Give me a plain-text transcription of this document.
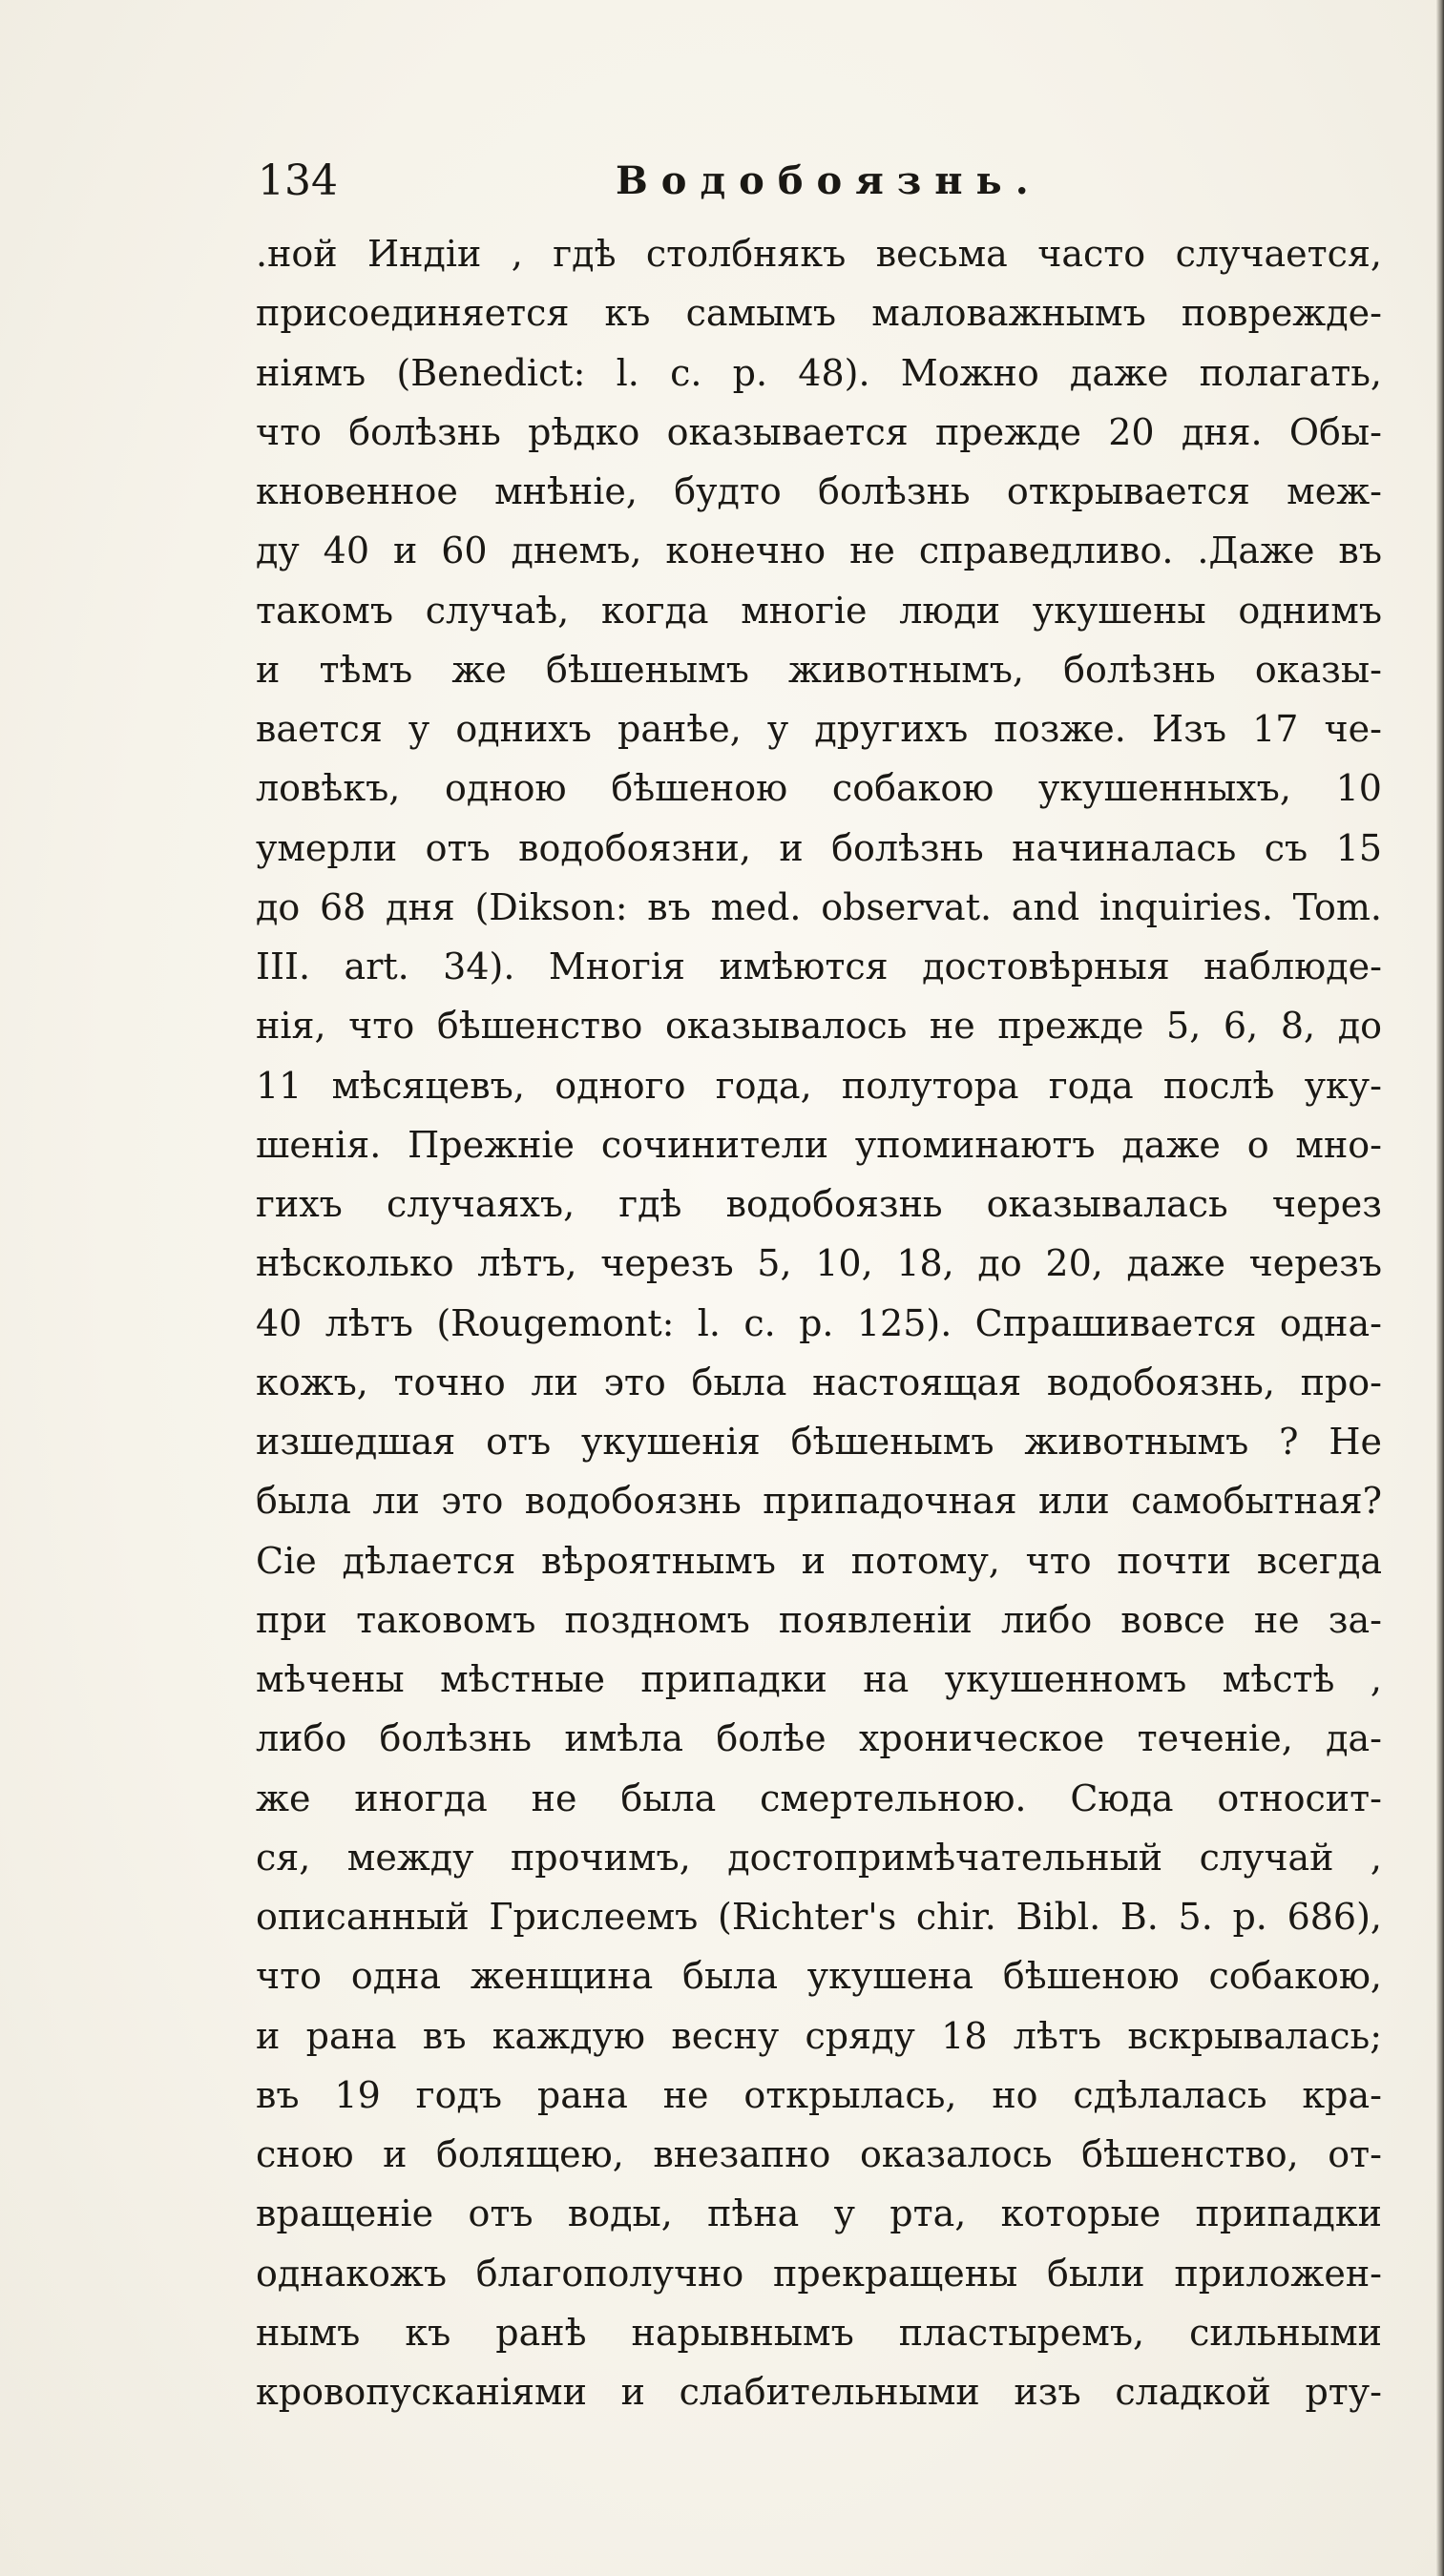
134	Водобоязнь.
.ной Индіи , гдѣ столбнякъ весьма часто случается,
присоединяется къ самымъ маловажнымъ поврежде-
ніямъ (Benedict: l. c. p. 48). Можно даже полагать,
что болѣзнь рѣдко оказывается прежде 20 дня. Обы-
кновенное мнѣніе, будто болѣзнь открывается меж-
ду 40 и 60 днемъ, конечно не справедливо. .Даже въ
такомъ случаѣ, когда многіе люди укушены однимъ
и тѣмъ же бѣшенымъ животнымъ, болѣзнь оказы-
вается у однихъ ранѣе, у другихъ позже. Изъ 17 че-
ловѣкъ, одною бѣшеною собакою укушенныхъ, 10
умерли отъ водобоязни, и болѣзнь начиналась съ 15
до 68 дня (Dikson: въ med. observat. and inquiries. Tom.
III. art. 34). Многія имѣются достовѣрныя наблюде-
нія, что бѣшенство оказывалось не прежде 5, 6, 8, до
11 мѣсяцевъ, одного года, полутора года послѣ уку-
шенія. Прежніе сочинители упоминаютъ даже о мно-
гихъ случаяхъ, гдѣ водобоязнь оказывалась через
нѣсколько лѣтъ, черезъ 5, 10, 18, до 20, даже черезъ
40 лѣтъ (Rougemont: l. c. p. 125). Спрашивается одна-
кожъ, точно ли это была настоящая водобоязнь, про-
изшедшая отъ укушенія бѣшенымъ животнымъ ? Не
была ли это водобоязнь припадочная или самобытная?
Сіе дѣлается вѣроятнымъ и потому, что почти всегда
при таковомъ поздномъ появленіи либо вовсе не за-
мѣчены мѣстные припадки на укушенномъ мѣстѣ ,
либо болѣзнь имѣла болѣе хроническое теченіе, да-
же иногда не была смертельною. Сюда относит-
ся, между прочимъ, достопримѣчательный случай ,
описанный Грислеемъ (Richter's chir. Bibl. B. 5. p. 686),
что одна женщина была укушена бѣшеною собакою,
и рана въ каждую весну сряду 18 лѣтъ вскрывалась;
въ 19 годъ рана не открылась, но сдѣлалась кра-
сною и болящею, внезапно оказалось бѣшенство, от-
вращеніе отъ воды, пѣна у рта, которые припадки
однакожъ благополучно прекращены были приложен-
нымъ къ ранѣ нарывнымъ пластыремъ, сильными
кровопусканіями и слабительными изъ сладкой рту-
